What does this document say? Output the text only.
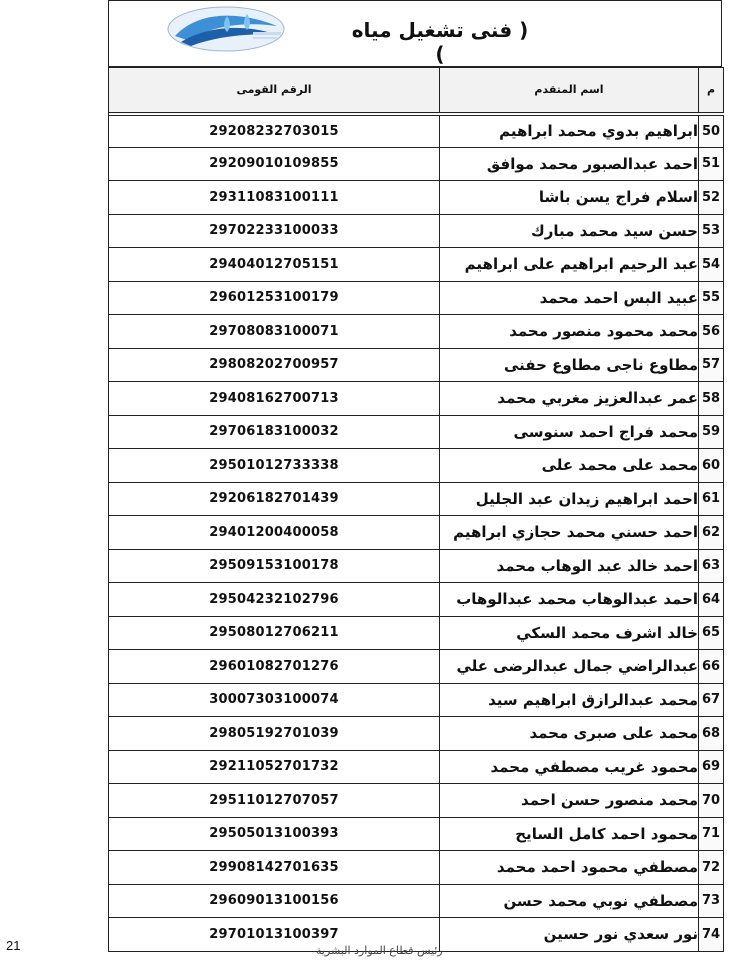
( فنى تشغيل مياه )
م	اسم المتقدم	الرقم القومى
50	ابراهيم بدوي محمد ابراهيم	29208232703015
51	احمد عبدالصبور محمد موافق	29209010109855
52	اسلام فراج يسن باشا	29311083100111
53	حسن سيد محمد مبارك	29702233100033
54	عبد الرحيم ابراهيم على ابراهيم	29404012705151
55	عبيد البس احمد محمد	29601253100179
56	محمد محمود منصور محمد	29708083100071
57	مطاوع ناجى مطاوع حفنى	29808202700957
58	عمر عبدالعزيز مغربي محمد	29408162700713
59	محمد فراج احمد سنوسى	29706183100032
60	محمد على محمد على	29501012733338
61	احمد ابراهيم زيدان عبد الجليل	29206182701439
62	احمد حسني محمد حجازي ابراهيم	29401200400058
63	احمد خالد عبد الوهاب محمد	29509153100178
64	احمد عبدالوهاب محمد عبدالوهاب	29504232102796
65	خالد اشرف محمد السكي	29508012706211
66	عبدالراضي جمال عبدالرضى علي	29601082701276
67	محمد عبدالرازق ابراهيم سيد	30007303100074
68	محمد على صبرى محمد	29805192701039
69	محمود غريب مصطفي محمد	29211052701732
70	محمد منصور حسن احمد	29511012707057
71	محمود احمد كامل السايح	29505013100393
72	مصطفي محمود احمد محمد	29908142701635
73	مصطفي نوبي محمد حسن	29609013100156
74	نور سعدي نور حسين	29701013100397
21	رئيس قطاع الموارد البشرية
